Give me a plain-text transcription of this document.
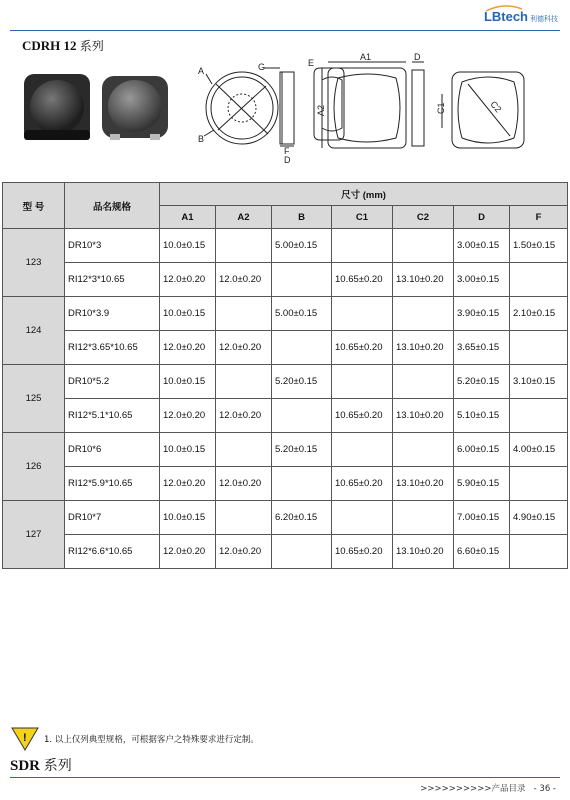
LBtech 利德科技
CDRH 12 系列
A
B
G
F
D
E
A1
A2
D
C1	C2
型 号	品名规格	尺寸 (mm)						
		A1	A2	B	C1	C2	D	F
123	DR10*3	10.0±0.15		5.00±0.15			3.00±0.15	1.50±0.15
	RI12*3*10.65	12.0±0.20	12.0±0.20		10.65±0.20	13.10±0.20	3.00±0.15	
124	DR10*3.9	10.0±0.15		5.00±0.15			3.90±0.15	2.10±0.15
	RI12*3.65*10.65	12.0±0.20	12.0±0.20		10.65±0.20	13.10±0.20	3.65±0.15	
125	DR10*5.2	10.0±0.15		5.20±0.15			5.20±0.15	3.10±0.15
	RI12*5.1*10.65	12.0±0.20	12.0±0.20		10.65±0.20	13.10±0.20	5.10±0.15	
126	DR10*6	10.0±0.15		5.20±0.15			6.00±0.15	4.00±0.15
	RI12*5.9*10.65	12.0±0.20	12.0±0.20		10.65±0.20	13.10±0.20	5.90±0.15	
127	DR10*7	10.0±0.15		6.20±0.15			7.00±0.15	4.90±0.15
	RI12*6.6*10.65	12.0±0.20	12.0±0.20		10.65±0.20	13.10±0.20	6.60±0.15	
! 1. 以上仅列典型规格，可根据客户之特殊要求进行定制。
SDR 系列
>>>>>>>>>>产品目录 - 36 -
